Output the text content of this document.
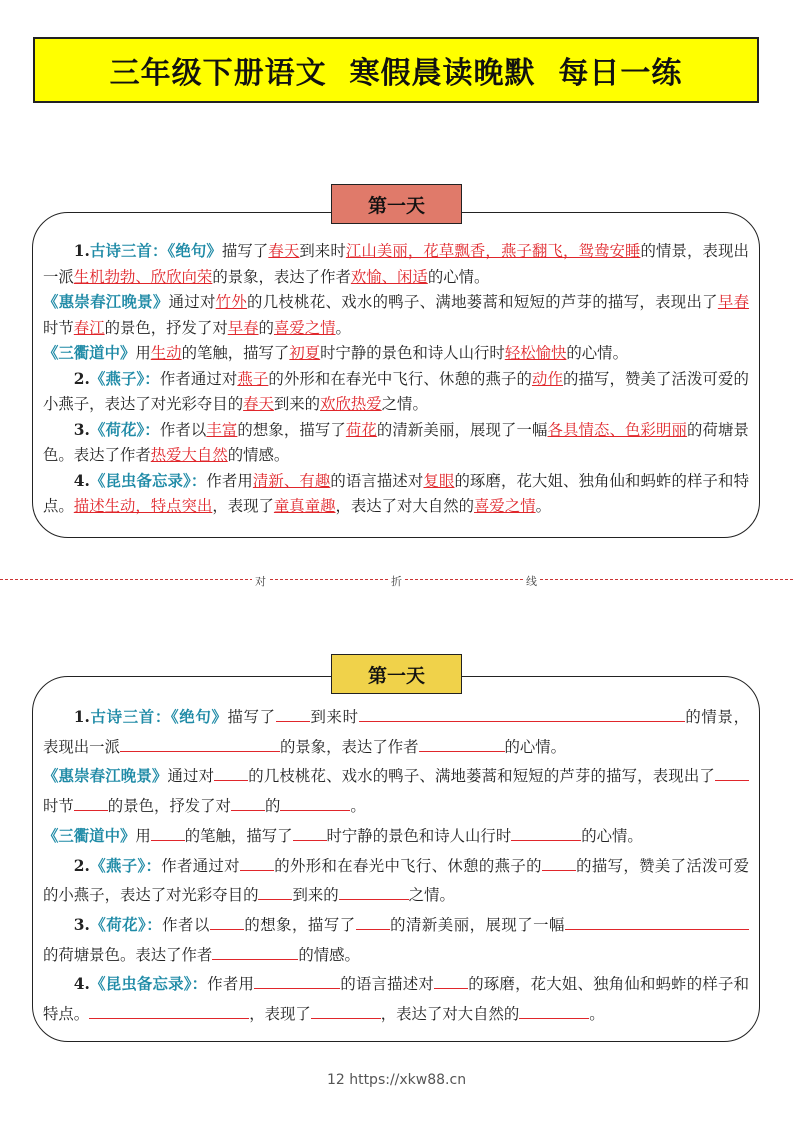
三年级下册语文  寒假晨读晚默  每日一练
第一天

1.古诗三首：《绝句》描写了春天到来时江山美丽，花草飘香，燕子翻飞，鸳鸯安睡的情景，表现出一派生机勃勃、欣欣向荣的景象，表达了作者欢愉、闲适的心情。

《惠崇春江晚景》通过对竹外的几枝桃花、戏水的鸭子、满地蒌蒿和短短的芦芽的描写，表现出了早春时节春江的景色，抒发了对早春的喜爱之情。

《三衢道中》用生动的笔触，描写了初夏时宁静的景色和诗人山行时轻松愉快的心情。

2.《燕子》：作者通过对燕子的外形和在春光中飞行、休憩的燕子的动作的描写，赞美了活泼可爱的小燕子，表达了对光彩夺目的春天到来的欢欣热爱之情。

3.《荷花》：作者以丰富的想象，描写了荷花的清新美丽，展现了一幅各具情态、色彩明丽的荷塘景色。表达了作者热爱大自然的情感。

4.《昆虫备忘录》：作者用清新、有趣的语言描述对复眼的琢磨，花大姐、独角仙和蚂蚱的样子和特点。描述生动，特点突出，表现了童真童趣，表达了对大自然的喜爱之情。

对	折	线
第一天

1.古诗三首：《绝句》描写了 到来时	的情景，表现出一派	的景象，表达了作者	的心情。

《惠崇春江晚景》通过对 的几枝桃花、戏水的鸭子、满地蒌蒿和短短的芦芽的描写，表现出了时节 的景色，抒发了对 的	。

《三衢道中》用 的笔触，描写了 时宁静的景色和诗人山行时	的心情。

2.《燕子》：作者通过对 的外形和在春光中飞行、休憩的燕子的 的描写，赞美了活泼可爱的小燕子，表达了对光彩夺目的 到来的	之情。

3.《荷花》：作者以 的想象，描写了 的清新美丽，展现了一幅的荷塘景色。表达了作者	的情感。

4.《昆虫备忘录》：作者用	的语言描述对 的琢磨，花大姐、独角仙和蚂蚱的样子和特点。	，表现了	，表达了对大自然的	。

12 https://xkw88.cn
